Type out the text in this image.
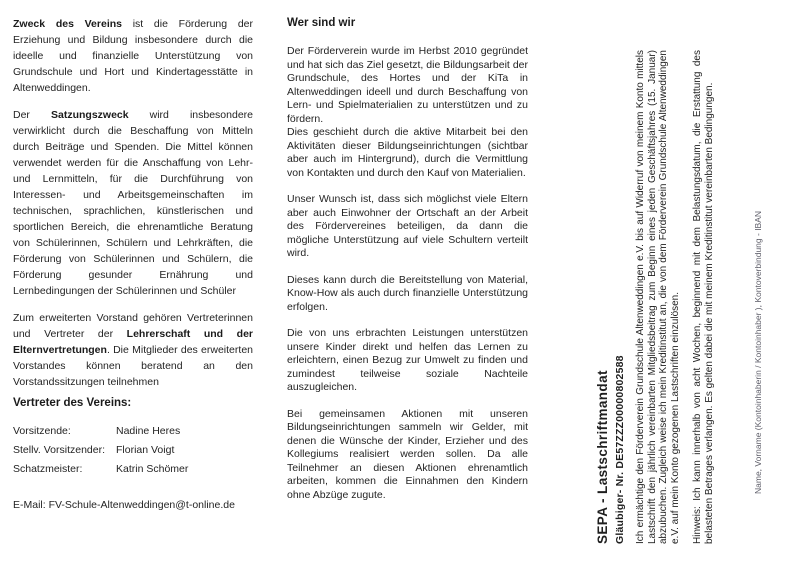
Zweck des Vereins ist die Förderung der Erziehung und Bildung insbesondere durch die ideelle und finanzielle Unterstützung von Grundschule und Hort und Kindertagesstätte in Altenweddingen.

Der Satzungszweck wird insbesondere verwirklicht durch die Beschaffung von Mitteln durch Beiträge und Spenden. Die Mittel können verwendet werden für die Anschaffung von Lehr- und Lernmitteln, für die Durchführung von Interessen- und Arbeitsgemeinschaften im technischen, sprachlichen, künstlerischen und sportlichen Bereich, die ehrenamtliche Beratung von Schülerinnen, Schülern und Lehrkräften, die Förderung von Schülerinnen und Schülern, die Förderung gesunder Ernährung und Lernbedingungen der Schülerinnen und Schüler

Zum erweiterten Vorstand gehören Vertreterinnen und Vertreter der Lehrerschaft und der Elternvertretungen. Die Mitglieder des erweiterten Vorstandes können beratend an den Vorstandssitzungen teilnehmen

Vertreter des Vereins:
Vorsitzende:	Nadine Heres
Stellv. Vorsitzender:	Florian Voigt
Schatzmeister:	Katrin Schömer
E-Mail: FV-Schule-Altenweddingen@t-online.de
Wer sind wir

Der Förderverein wurde im Herbst 2010 gegründet und hat sich das Ziel gesetzt, die Bildungsarbeit der Grundschule, des Hortes und der KiTa in Altenweddingen ideell und durch Beschaffung von Lern- und Spielmaterialien zu unterstützen und zu fördern.
Dies geschieht durch die aktive Mitarbeit bei den Aktivitäten dieser Bildungseinrichtungen (sichtbar aber auch im Hintergrund), durch die Vermittlung von Kontakten und durch den Kauf von Materialien.

Unser Wunsch ist, dass sich möglichst viele Eltern aber auch Einwohner der Ortschaft an der Arbeit des Fördervereines beteiligen, da dann die mögliche Unterstützung auf viele Schultern verteilt wird.

Dieses kann durch die Bereitstellung von Material, Know-How als auch durch finanzielle Unterstützung erfolgen.

Die von uns erbrachten Leistungen unterstützen unsere Kinder direkt und helfen das Lernen zu erleichtern, einen Bezug zur Umwelt zu finden und zumindest teilweise soziale Nachteile auszugleichen.

Bei gemeinsamen Aktionen mit unseren Bildungseinrichtungen sammeln wir Gelder, mit denen die Wünsche der Kinder, Erzieher und des Kollegiums realisiert werden sollen. Da alle Teilnehmer an diesen Aktionen ehrenamtlich arbeiten, kommen die Einnahmen den Kindern ohne Abzüge zugute.	SEPA - Lastschriftmandat Gläubiger- Nr. DE57ZZZ00000802588 Ich ermächtige den Förderverein Grundschule Altenweddingen e.V. bis auf Widerruf von meinem Konto mittels Lastschrift den jährlich vereinbarten Mitgliedsbeitrag zum Beginn eines jeden Geschäftsjahres (15. Januar) abzubuchen. Zugleich weise ich mein Kreditinstitut an, die von dem Förderverein Grundschule Altenweddingen e.V. auf mein Konto gezogenen Lastschriften einzulösen. Hinweis: Ich kann innerhalb von acht Wochen, beginnend mit dem Belastungsdatum, die Erstattung des belasteten Betrages verlangen. Es gelten dabei die mit meinem Kreditinstitut vereinbarten Bedingungen.	Name, Vorname (Kontoinhaberin / Kontoinhaber ), Kontoverbindung - IBAN
